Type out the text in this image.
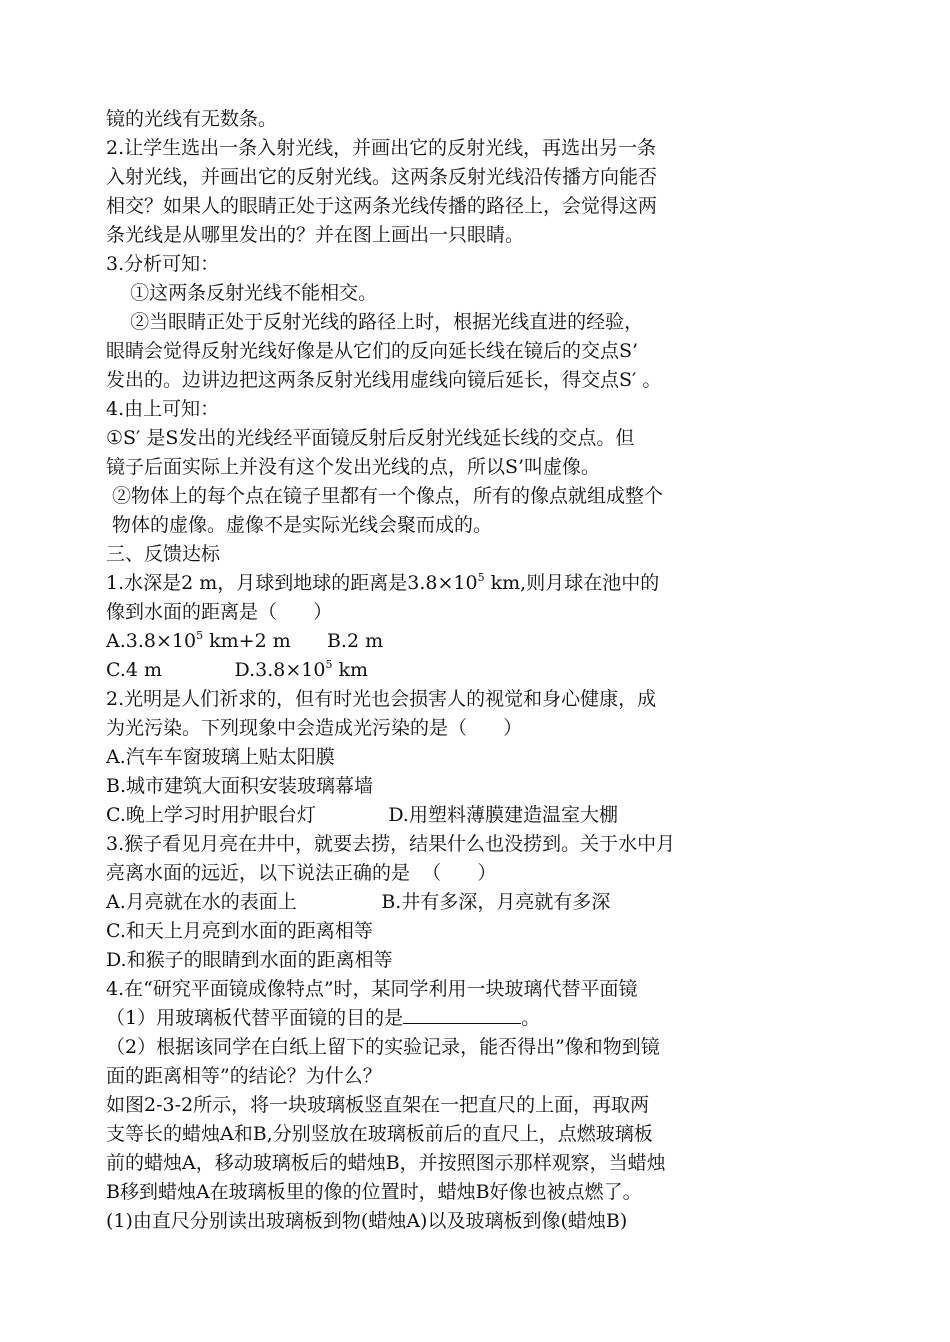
镜的光线有无数条。
2.让学生选出一条入射光线，并画出它的反射光线，再选出另一条
入射光线，并画出它的反射光线。这两条反射光线沿传播方向能否
相交？如果人的眼睛正处于这两条光线传播的路径上，会觉得这两
条光线是从哪里发出的？并在图上画出一只眼睛。
3.分析可知：
①这两条反射光线不能相交。
②当眼睛正处于反射光线的路径上时，根据光线直进的经验，
眼睛会觉得反射光线好像是从它们的反向延长线在镜后的交点S’
发出的。边讲边把这两条反射光线用虚线向镜后延长，得交点S′ 。
4.由上可知：
①S′ 是S发出的光线经平面镜反射后反射光线延长线的交点。但
镜子后面实际上并没有这个发出光线的点，所以S’叫虚像。
②物体上的每个点在镜子里都有一个像点，所有的像点就组成整个
物体的虚像。虚像不是实际光线会聚而成的。
三、反馈达标
1.水深是2 m，月球到地球的距离是$3.8\times 10^5$ km,则月球在池中的
像到水面的距离是（      ）
$A.3.8\times 10^5$ km+2 m      B.2 m
C.4 m            $D.3.8\times 10^5$ km
2.光明是人们祈求的，但有时光也会损害人的视觉和身心健康，成
为光污染。下列现象中会造成光污染的是（      ）
A.汽车车窗玻璃上贴太阳膜
B.城市建筑大面积安装玻璃幕墙
C.晚上学习时用护眼台灯            D.用塑料薄膜建造温室大棚
3.猴子看见月亮在井中，就要去捞，结果什么也没捞到。关于水中月
亮离水面的远近，以下说法正确的是  （      ）
A.月亮就在水的表面上              B.井有多深，月亮就有多深
C.和天上月亮到水面的距离相等
D.和猴子的眼睛到水面的距离相等
4.在“研究平面镜成像特点”时，某同学利用一块玻璃代替平面镜
（1）用玻璃板代替平面镜的目的是	。
（2）根据该同学在白纸上留下的实验记录，能否得出”像和物到镜
面的距离相等”的结论？为什么？
如图2-3-2所示，将一块玻璃板竖直架在一把直尺的上面，再取两
支等长的蜡烛A和B,分别竖放在玻璃板前后的直尺上，点燃玻璃板
前的蜡烛A，移动玻璃板后的蜡烛B，并按照图示那样观察，当蜡烛
B移到蜡烛A在玻璃板里的像的位置时，蜡烛B好像也被点燃了。
(1)由直尺分别读出玻璃板到物(蜡烛A)以及玻璃板到像(蜡烛B)
